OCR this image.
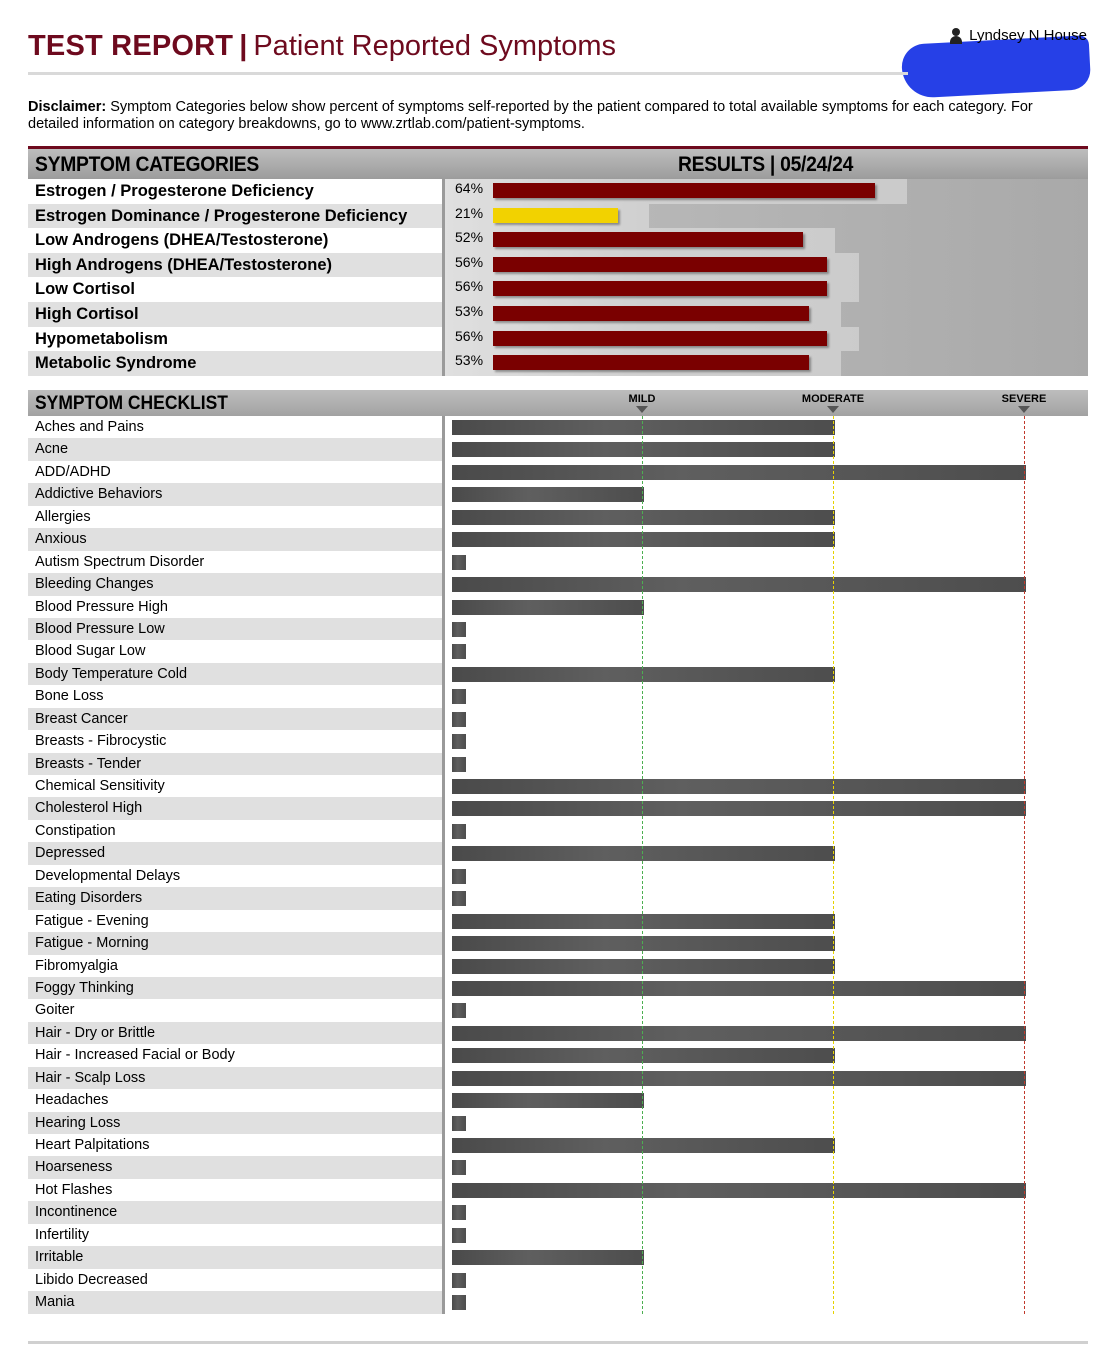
TEST REPORT | Patient Reported Symptoms	Lyndsey N House
Disclaimer: Symptom Categories below show percent of symptoms self-reported by the patient compared to total available symptoms for each category. For detailed information on category breakdowns, go to www.zrtlab.com/patient-symptoms.
SYMPTOM CATEGORIES	RESULTS | 05/24/24
Estrogen / Progesterone Deficiency	64%
Estrogen Dominance / Progesterone Deficiency	21%
Low Androgens (DHEA/Testosterone)	52%
High Androgens (DHEA/Testosterone)	56%
Low Cortisol	56%
High Cortisol	53%
Hypometabolism	56%
Metabolic Syndrome	53%
SYMPTOM CHECKLIST	MILD	MODERATE	SEVERE
Aches and Pains
Acne
ADD/ADHD
Addictive Behaviors
Allergies
Anxious
Autism Spectrum Disorder
Bleeding Changes
Blood Pressure High
Blood Pressure Low
Blood Sugar Low
Body Temperature Cold
Bone Loss
Breast Cancer
Breasts - Fibrocystic
Breasts - Tender
Chemical Sensitivity
Cholesterol High
Constipation
Depressed
Developmental Delays
Eating Disorders
Fatigue - Evening
Fatigue - Morning
Fibromyalgia
Foggy Thinking
Goiter
Hair - Dry or Brittle
Hair - Increased Facial or Body
Hair - Scalp Loss
Headaches
Hearing Loss
Heart Palpitations
Hoarseness
Hot Flashes
Incontinence
Infertility
Irritable
Libido Decreased
Mania
